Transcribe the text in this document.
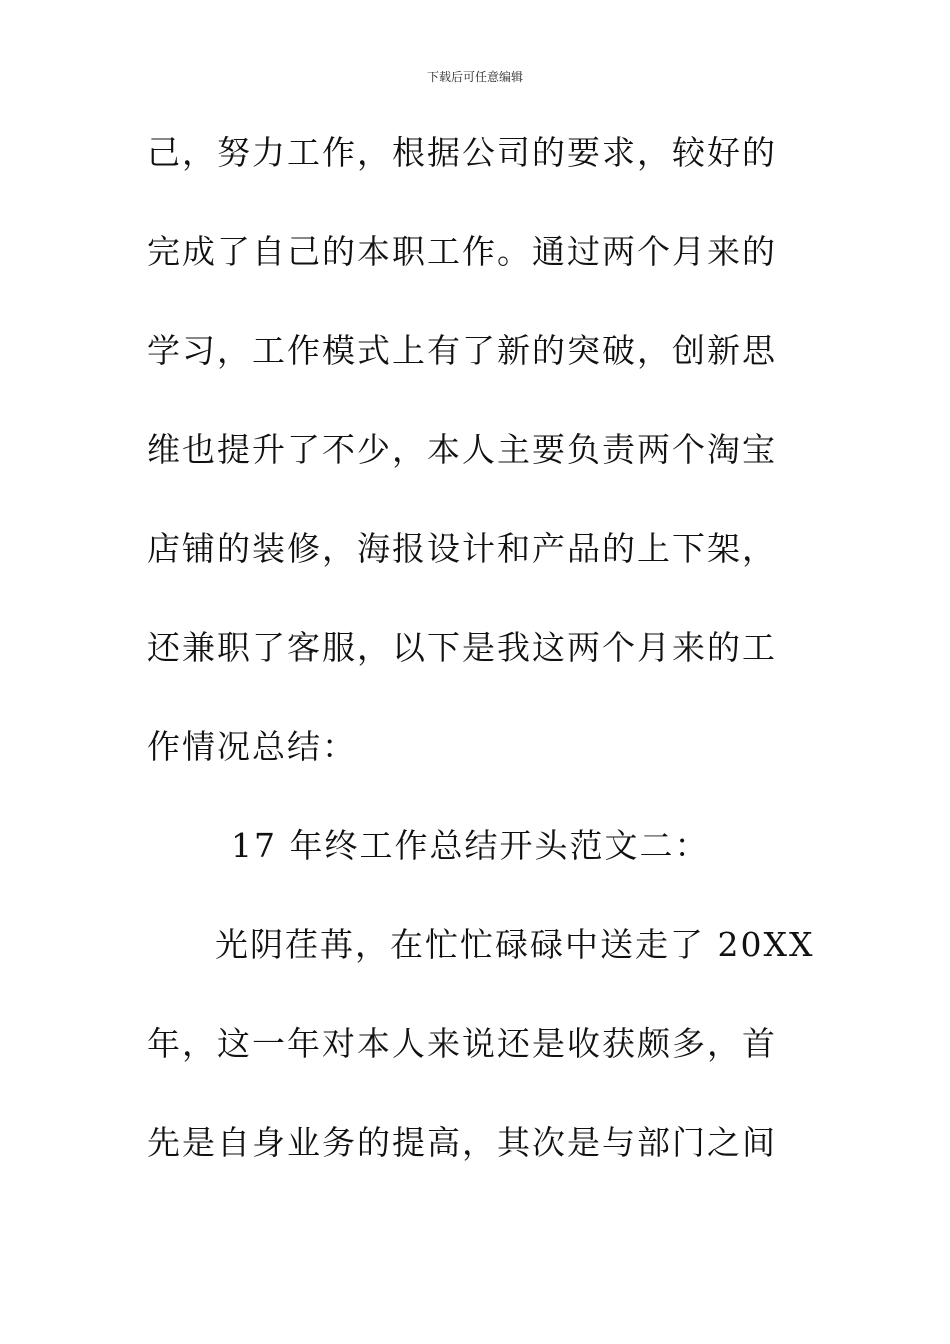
下载后可任意编辑
己，努力工作，根据公司的要求，较好的
完成了自己的本职工作。通过两个月来的
学习，工作模式上有了新的突破，创新思
维也提升了不少，本人主要负责两个淘宝
店铺的装修，海报设计和产品的上下架，
还兼职了客服，以下是我这两个月来的工
作情况总结：
17 年终工作总结开头范文二：
光阴荏苒，在忙忙碌碌中送走了 20XX
年，这一年对本人来说还是收获颇多，首
先是自身业务的提高，其次是与部门之间
